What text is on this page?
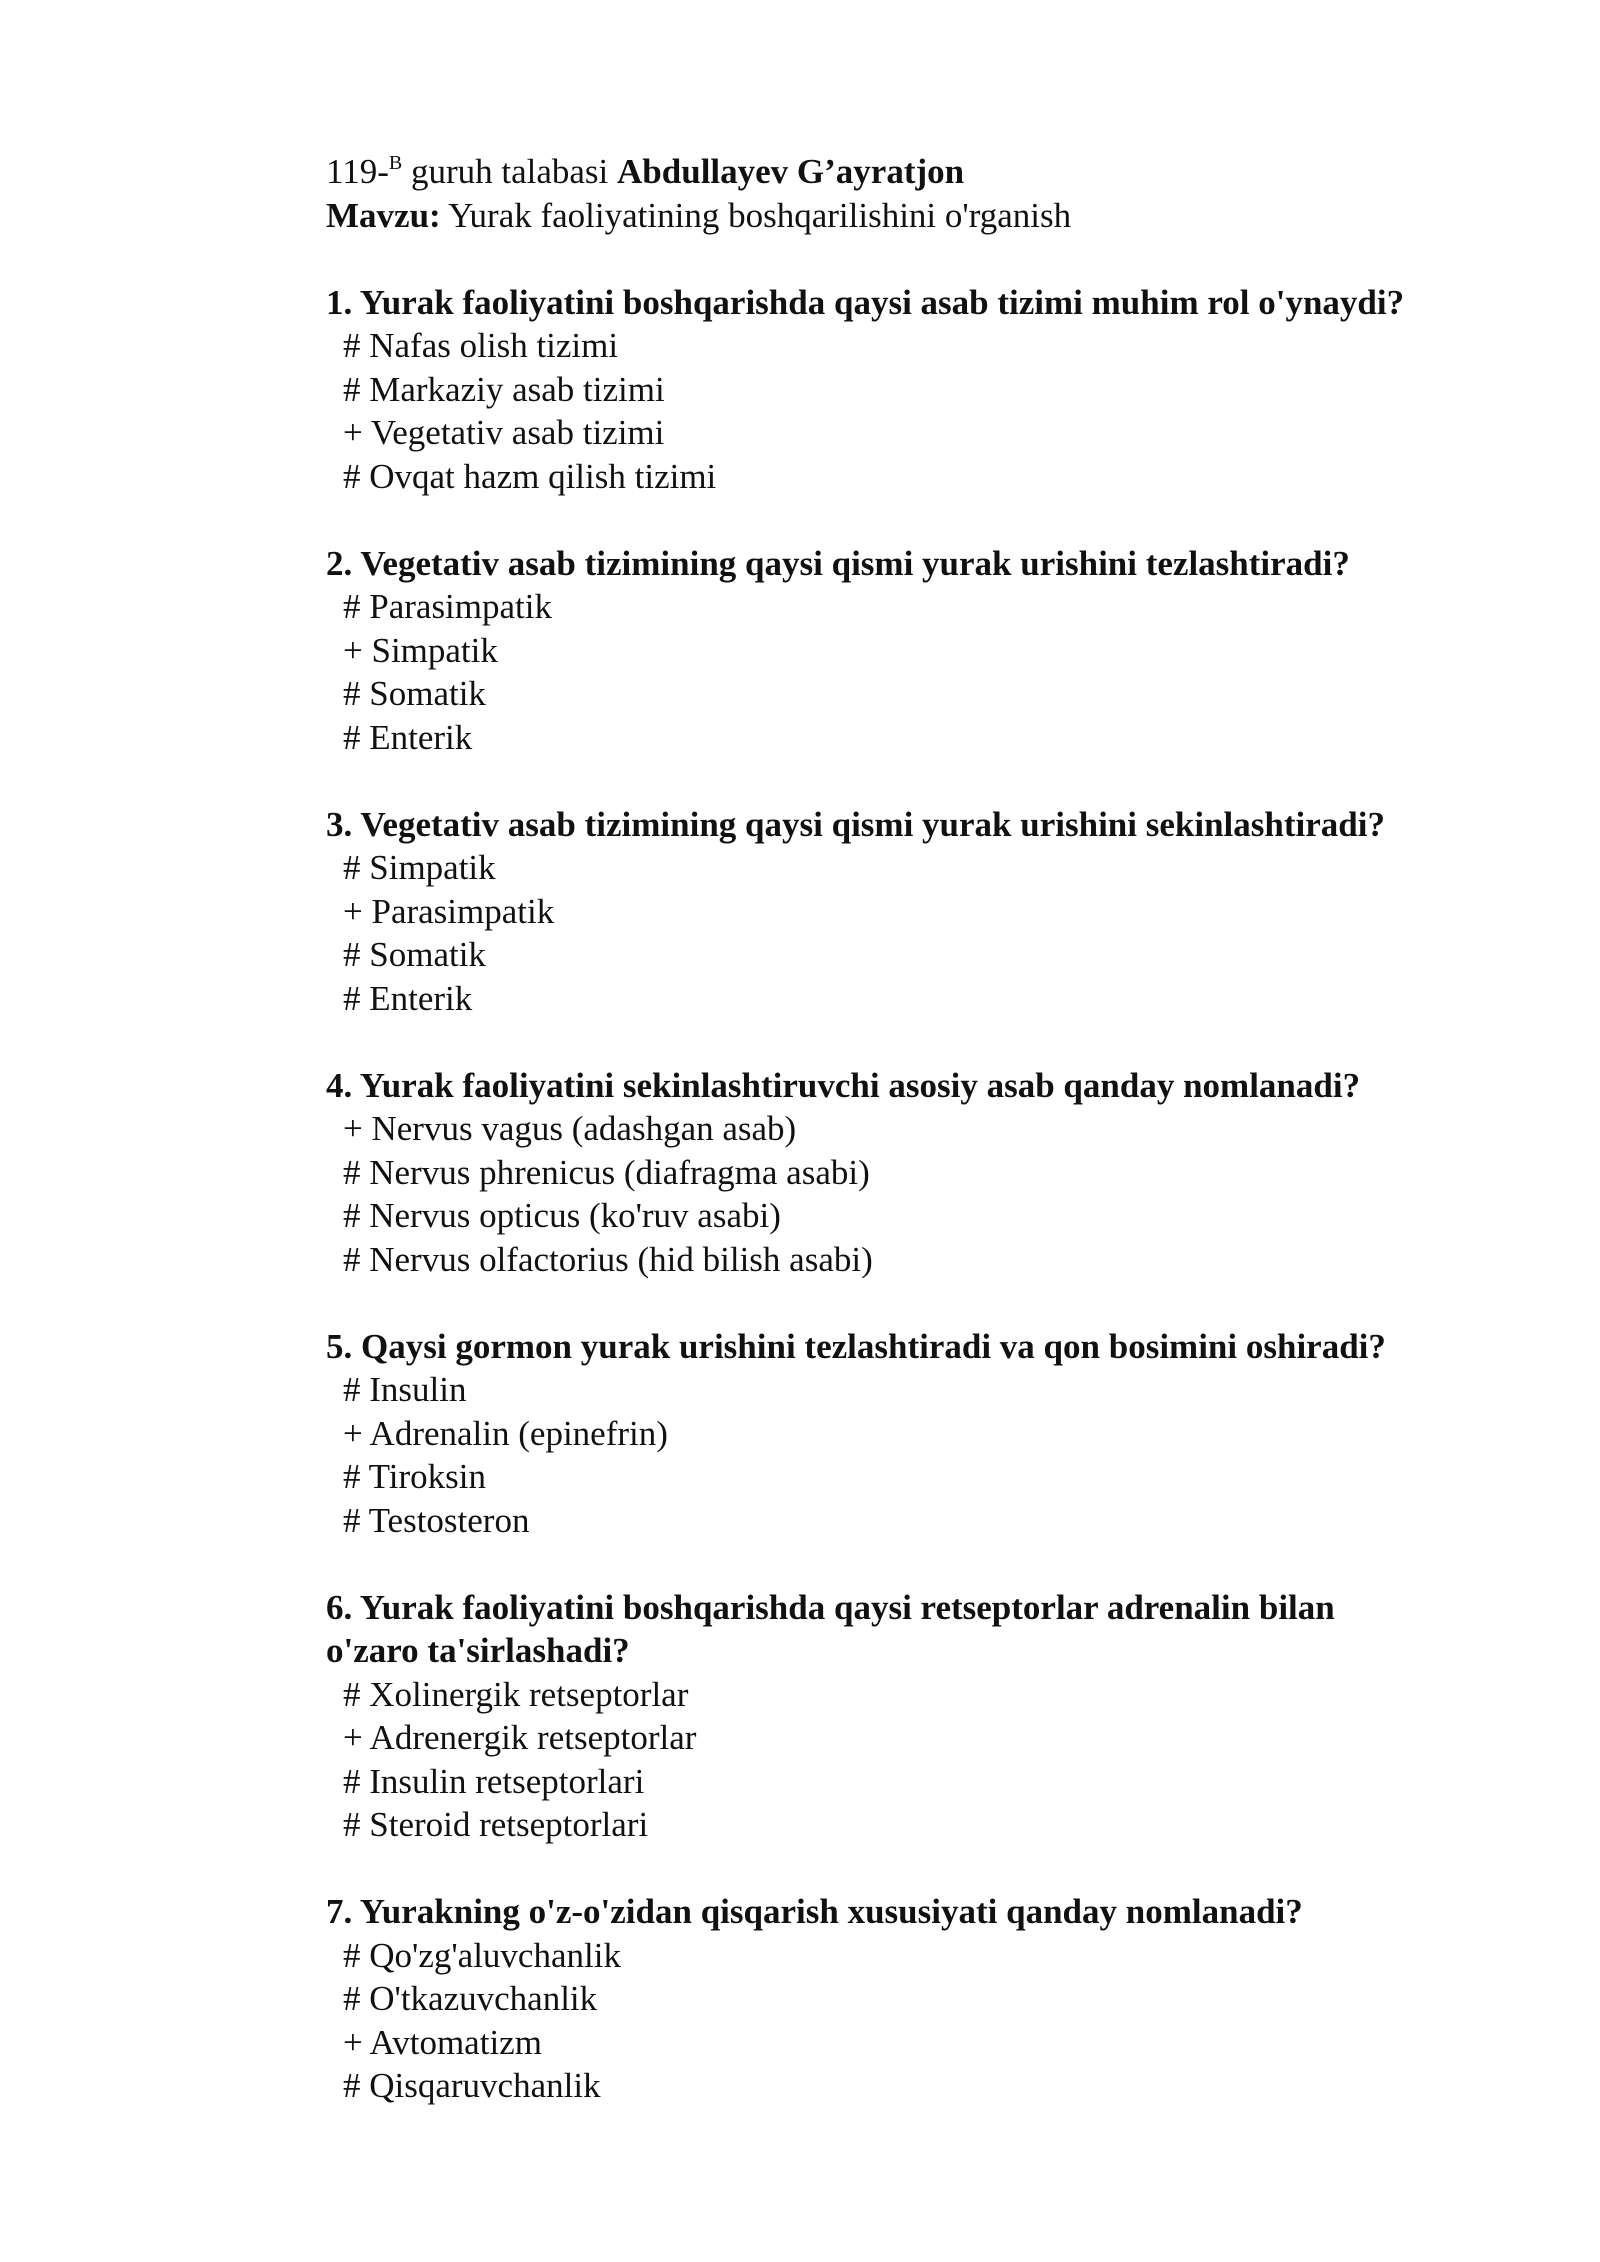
119-$^B$ guruh talabasi Abdullayev G’ayratjon
Mavzu: Yurak faoliyatining boshqarilishini o'rganish
1. Yurak faoliyatini boshqarishda qaysi asab tizimi muhim rol o'ynaydi?
# Nafas olish tizimi
# Markaziy asab tizimi
+ Vegetativ asab tizimi
# Ovqat hazm qilish tizimi
2. Vegetativ asab tizimining qaysi qismi yurak urishini tezlashtiradi?
# Parasimpatik
+ Simpatik
# Somatik
# Enterik
3. Vegetativ asab tizimining qaysi qismi yurak urishini sekinlashtiradi?
# Simpatik
+ Parasimpatik
# Somatik
# Enterik
4. Yurak faoliyatini sekinlashtiruvchi asosiy asab qanday nomlanadi?
+ Nervus vagus (adashgan asab)
# Nervus phrenicus (diafragma asabi)
# Nervus opticus (ko'ruv asabi)
# Nervus olfactorius (hid bilish asabi)
5. Qaysi gormon yurak urishini tezlashtiradi va qon bosimini oshiradi?
# Insulin
+ Adrenalin (epinefrin)
# Tiroksin
# Testosteron
6. Yurak faoliyatini boshqarishda qaysi retseptorlar adrenalin bilan
o'zaro ta'sirlashadi?
# Xolinergik retseptorlar
+ Adrenergik retseptorlar
# Insulin retseptorlari
# Steroid retseptorlari
7. Yurakning o'z-o'zidan qisqarish xususiyati qanday nomlanadi?
# Qo'zg'aluvchanlik
# O'tkazuvchanlik
+ Avtomatizm
# Qisqaruvchanlik
